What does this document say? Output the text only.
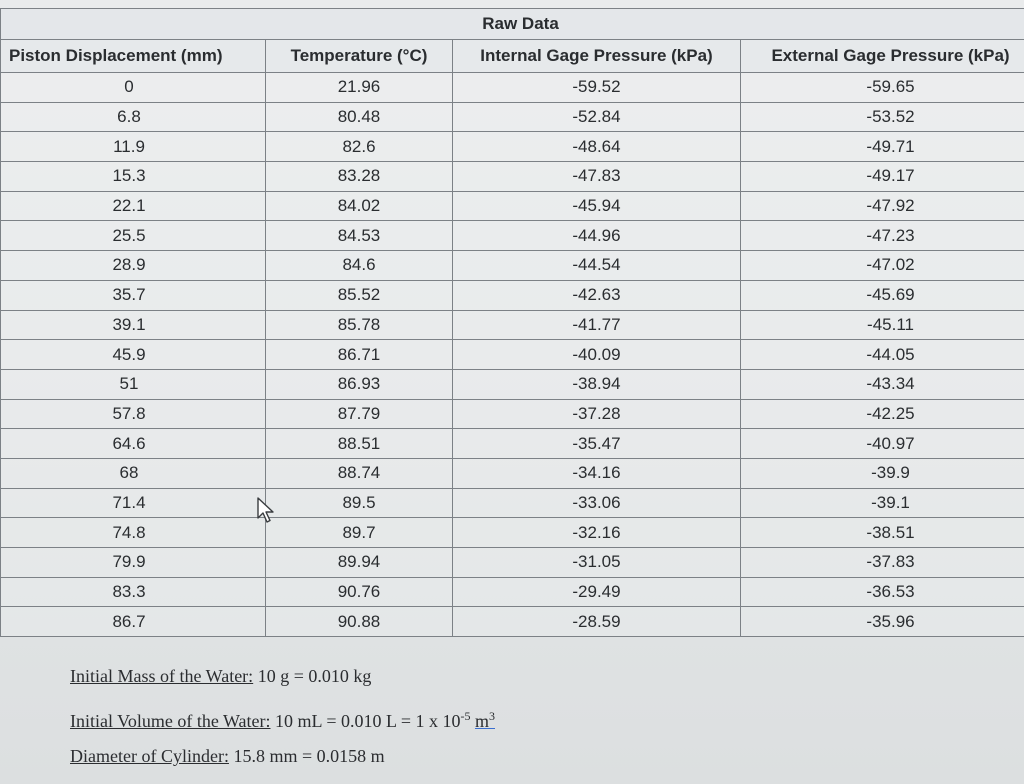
Raw Data			
Piston Displacement (mm)	Temperature (°C)	Internal Gage Pressure (kPa)	External Gage Pressure (kPa)
0	21.96	-59.52	-59.65
6.8	80.48	-52.84	-53.52
11.9	82.6	-48.64	-49.71
15.3	83.28	-47.83	-49.17
22.1	84.02	-45.94	-47.92
25.5	84.53	-44.96	-47.23
28.9	84.6	-44.54	-47.02
35.7	85.52	-42.63	-45.69
39.1	85.78	-41.77	-45.11
45.9	86.71	-40.09	-44.05
51	86.93	-38.94	-43.34
57.8	87.79	-37.28	-42.25
64.6	88.51	-35.47	-40.97
68	88.74	-34.16	-39.9
71.4	89.5	-33.06	-39.1
74.8	89.7	-32.16	-38.51
79.9	89.94	-31.05	-37.83
83.3	90.76	-29.49	-36.53
86.7	90.88	-28.59	-35.96
Initial Mass of the Water: 10 g = 0.010 kg
Initial Volume of the Water: 10 mL = 0.010 L = 1 x $10^{-5}$ $m^3$
Diameter of Cylinder: 15.8 mm = 0.0158 m
